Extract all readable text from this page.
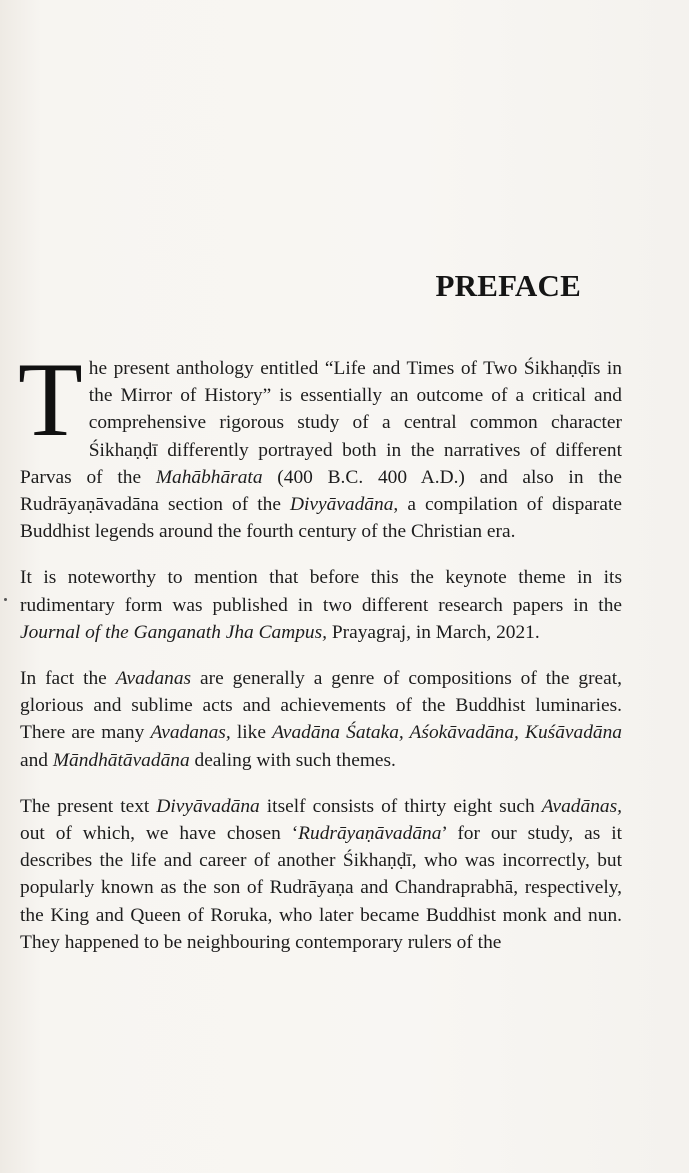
PREFACE

The present anthology entitled “Life and Times of Two Śikhaṇḍīs in the Mirror of History” is essentially an outcome of a critical and comprehensive rigorous study of a central common character Śikhaṇḍī differently portrayed both in the narratives of different Parvas of the Mahābhārata (400 B.C. 400 A.D.) and also in the Rudrāyaṇāvadāna section of the Divyāvadāna, a compilation of disparate Buddhist legends around the fourth century of the Christian era.

It is noteworthy to mention that before this the keynote theme in its rudimentary form was published in two different research papers in the Journal of the Ganganath Jha Campus, Prayagraj, in March, 2021.

In fact the Avadanas are generally a genre of compositions of the great, glorious and sublime acts and achievements of the Buddhist luminaries. There are many Avadanas, like Avadāna Śataka, Aśokāvadāna, Kuśāvadāna and Māndhātāvadāna dealing with such themes.

The present text Divyāvadāna itself consists of thirty eight such Avadānas, out of which, we have chosen ‘Rudrāyaṇāvadāna’ for our study, as it describes the life and career of another Śikhaṇḍī, who was incorrectly, but popularly known as the son of Rudrāyaṇa and Chandraprabhā, respectively, the King and Queen of Roruka, who later became Buddhist monk and nun. They happened to be neighbouring contemporary rulers of the
